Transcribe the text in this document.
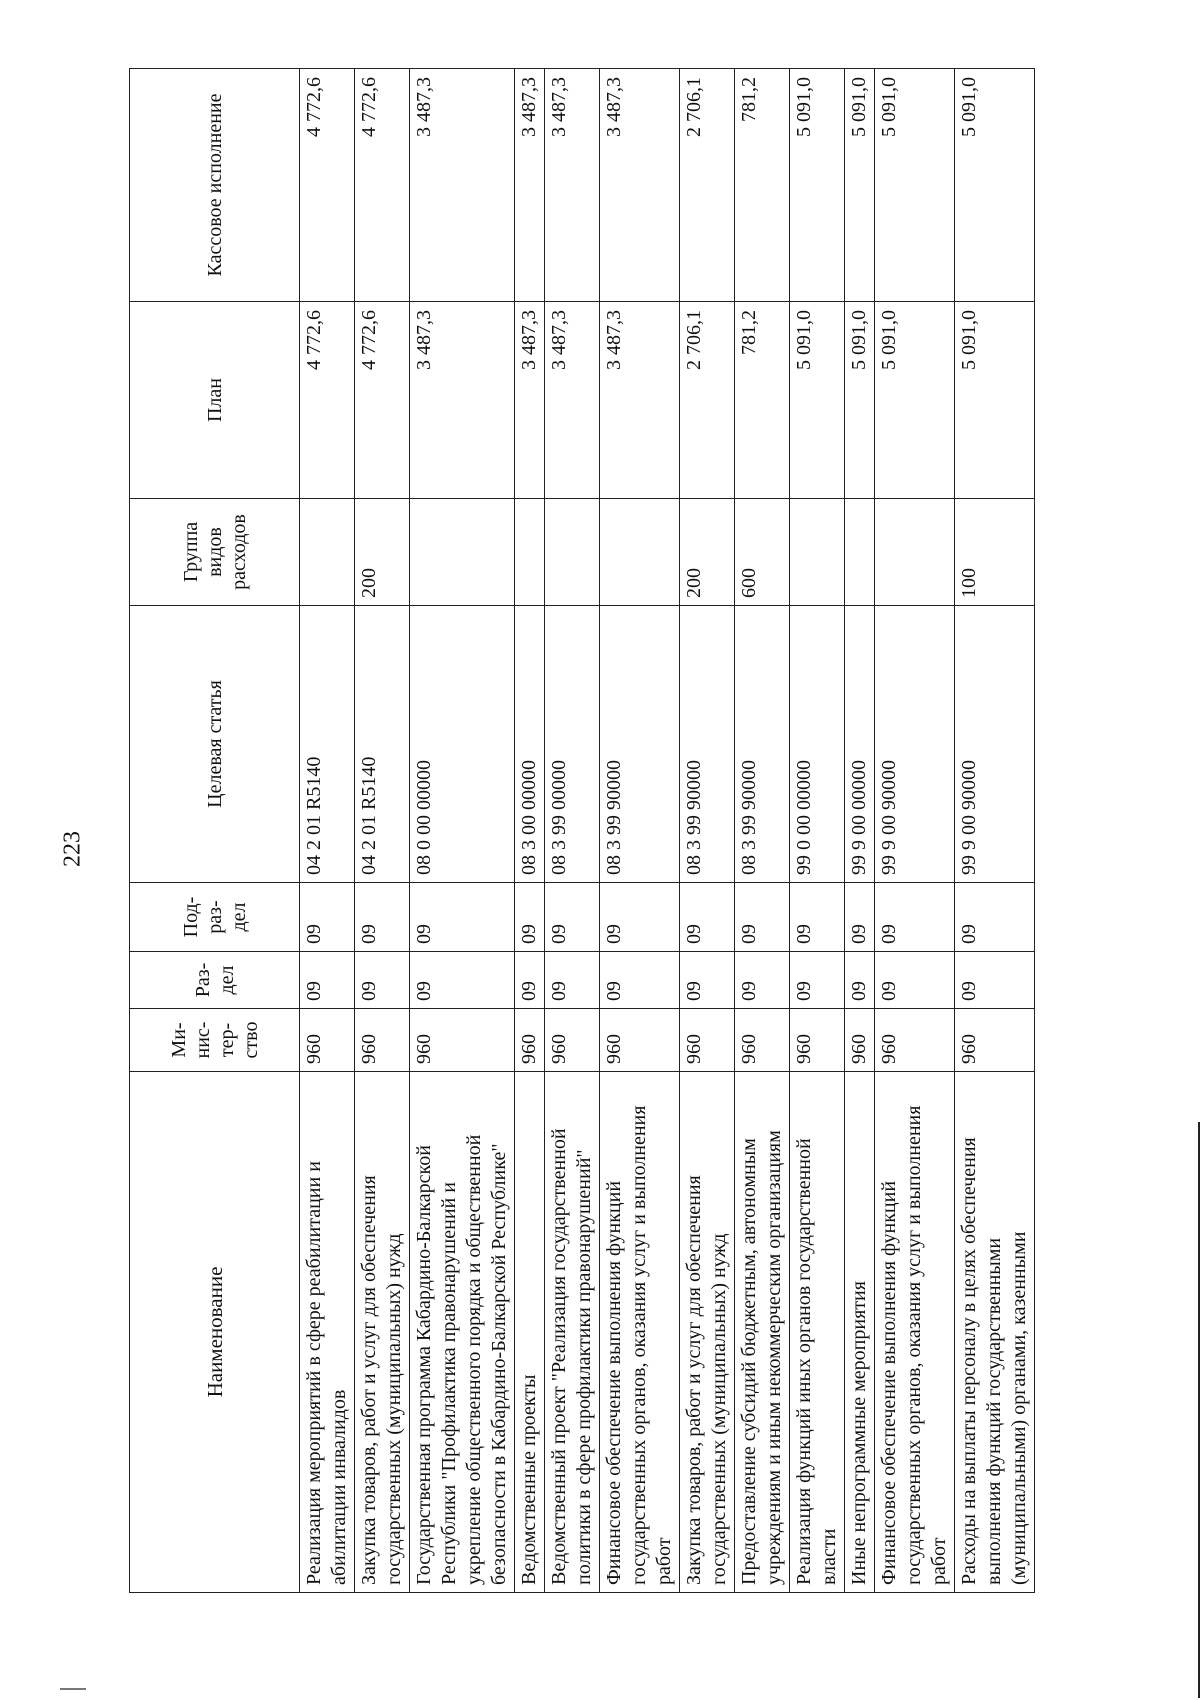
223
Наименование	Ми- нис- тер- ство	Раз- дел	Под- раз- дел	Целевая статья	Группа видов расходов	План	Кассовое исполнение
Реализация мероприятий в сфере реабилитации и абилитации инвалидов	960	09	09	04 2 01 R5140		4 772,6	4 772,6
Закупка товаров, работ и услуг для обеспечения государственных (муниципальных) нужд	960	09	09	04 2 01 R5140	200	4 772,6	4 772,6
Государственная программа Кабардино-Балкарской Республики "Профилактика правонарушений и укрепление общественного порядка и общественной безопасности в Кабардино-Балкарской Республике"	960	09	09	08 0 00 00000		3 487,3	3 487,3
Ведомственные проекты	960	09	09	08 3 00 00000		3 487,3	3 487,3
Ведомственный проект "Реализация государственной политики в сфере профилактики правонарушений"	960	09	09	08 3 99 00000		3 487,3	3 487,3
Финансовое обеспечение выполнения функций государственных органов, оказания услуг и выполнения работ	960	09	09	08 3 99 90000		3 487,3	3 487,3
Закупка товаров, работ и услуг для обеспечения государственных (муниципальных) нужд	960	09	09	08 3 99 90000	200	2 706,1	2 706,1
Предоставление субсидий бюджетным, автономным учреждениям и иным некоммерческим организациям	960	09	09	08 3 99 90000	600	781,2	781,2
Реализация функций иных органов государственной власти	960	09	09	99 0 00 00000		5 091,0	5 091,0
Иные непрограммные мероприятия	960	09	09	99 9 00 00000		5 091,0	5 091,0
Финансовое обеспечение выполнения функций государственных органов, оказания услуг и выполнения работ	960	09	09	99 9 00 90000		5 091,0	5 091,0
Расходы на выплаты персоналу в целях обеспечения выполнения функций государственными (муниципальными) органами, казенными	960	09	09	99 9 00 90000	100	5 091,0	5 091,0
